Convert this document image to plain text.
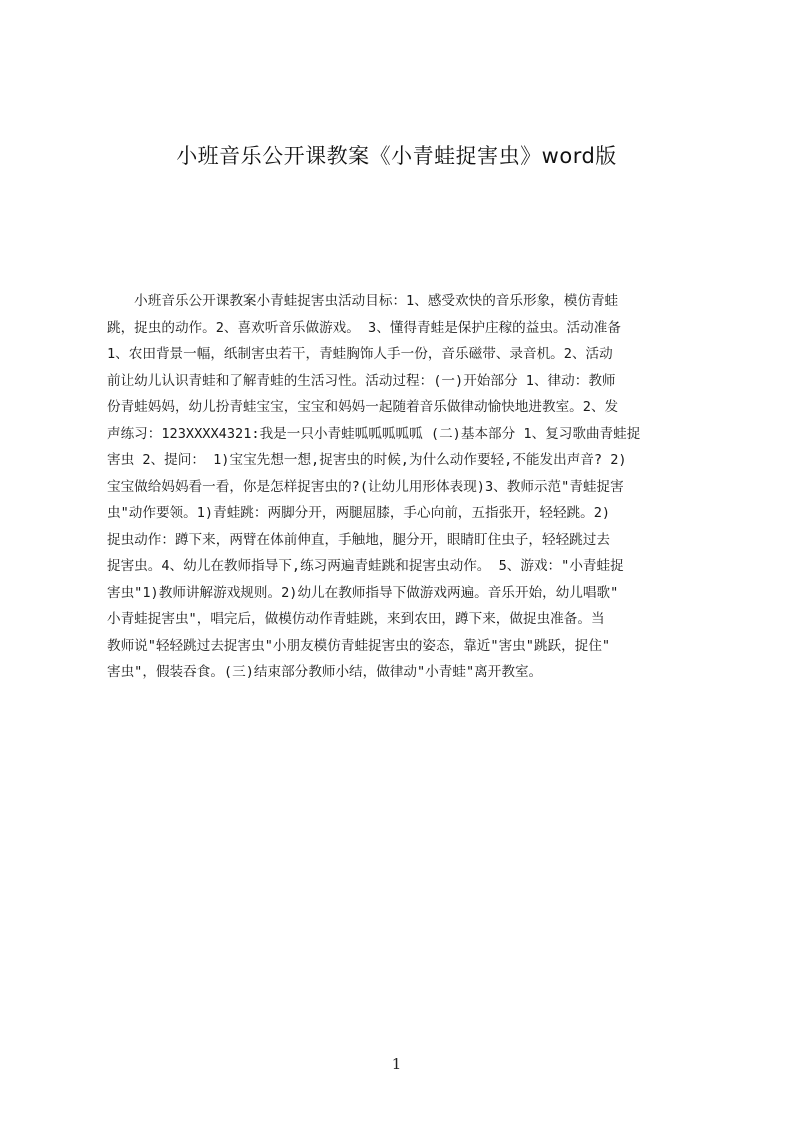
小班音乐公开课教案《小青蛙捉害虫》word版
　　小班音乐公开课教案小青蛙捉害虫活动目标：1、感受欢快的音乐形象，模仿青蛙
跳，捉虫的动作。2、喜欢听音乐做游戏。 3、懂得青蛙是保护庄稼的益虫。活动准备
1、农田背景一幅，纸制害虫若干，青蛙胸饰人手一份，音乐磁带、录音机。2、活动
前让幼儿认识青蛙和了解青蛙的生活习性。活动过程：(一)开始部分 1、律动：教师
份青蛙妈妈，幼儿扮青蛙宝宝，宝宝和妈妈一起随着音乐做律动愉快地进教室。2、发
声练习：123XXXX4321:我是一只小青蛙呱呱呱呱呱 (二)基本部分 1、复习歌曲青蛙捉
害虫 2、提问： 1)宝宝先想一想,捉害虫的时候,为什么动作要轻,不能发出声音? 2)
宝宝做给妈妈看一看，你是怎样捉害虫的?(让幼儿用形体表现)3、教师示范"青蛙捉害
虫"动作要领。1)青蛙跳：两脚分开，两腿屈膝，手心向前，五指张开，轻轻跳。2)
捉虫动作：蹲下来，两臂在体前伸直，手触地，腿分开，眼睛盯住虫子，轻轻跳过去
捉害虫。4、幼儿在教师指导下,练习两遍青蛙跳和捉害虫动作。 5、游戏："小青蛙捉
害虫"1)教师讲解游戏规则。2)幼儿在教师指导下做游戏两遍。音乐开始，幼儿唱歌"
小青蛙捉害虫"，唱完后，做模仿动作青蛙跳，来到农田，蹲下来，做捉虫准备。当
教师说"轻轻跳过去捉害虫"小朋友模仿青蛙捉害虫的姿态，靠近"害虫"跳跃，捉住"
害虫"，假装吞食。(三)结束部分教师小结，做律动"小青蛙"离开教室。
1
